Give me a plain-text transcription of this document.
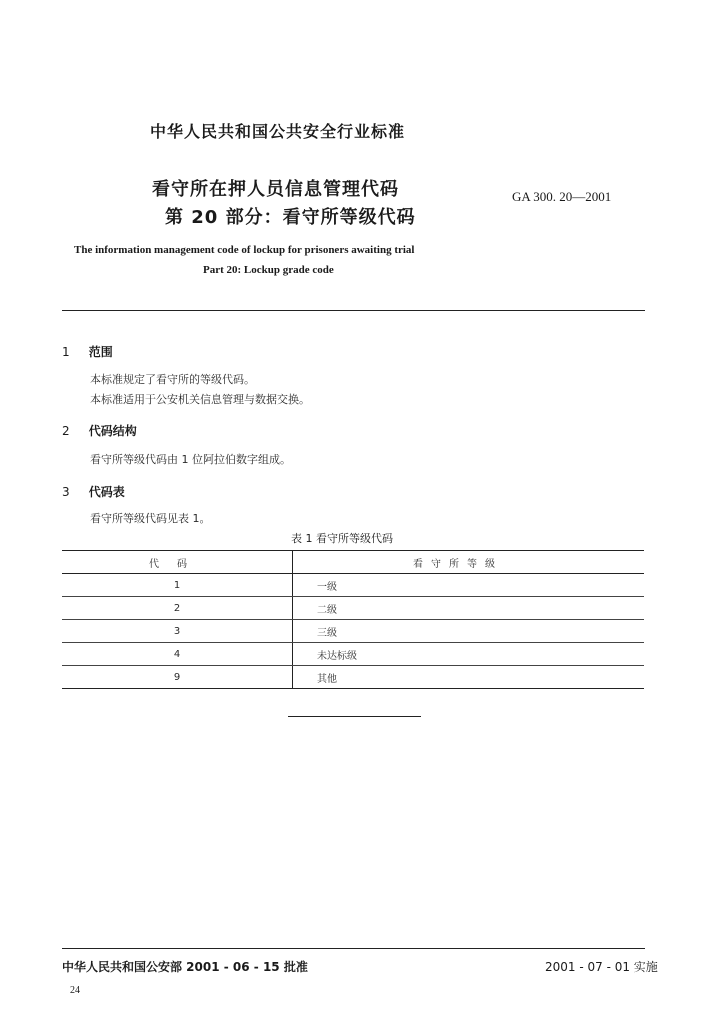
中华人民共和国公共安全行业标准
看守所在押人员信息管理代码
第 20 部分：看守所等级代码
GA 300. 20—2001
The information management code of lockup for prisoners awaiting trial
Part 20: Lockup grade code
1 范围
本标准规定了看守所的等级代码。
本标准适用于公安机关信息管理与数据交换。
2 代码结构
看守所等级代码由 1 位阿拉伯数字组成。
3 代码表
看守所等级代码见表 1。
表 1 看守所等级代码
代码	看守所等级
1	一级
2	二级
3	三级
4	未达标级
9	其他
中华人民共和国公安部 2001 - 06 - 15 批准	2001 - 07 - 01 实施
24
